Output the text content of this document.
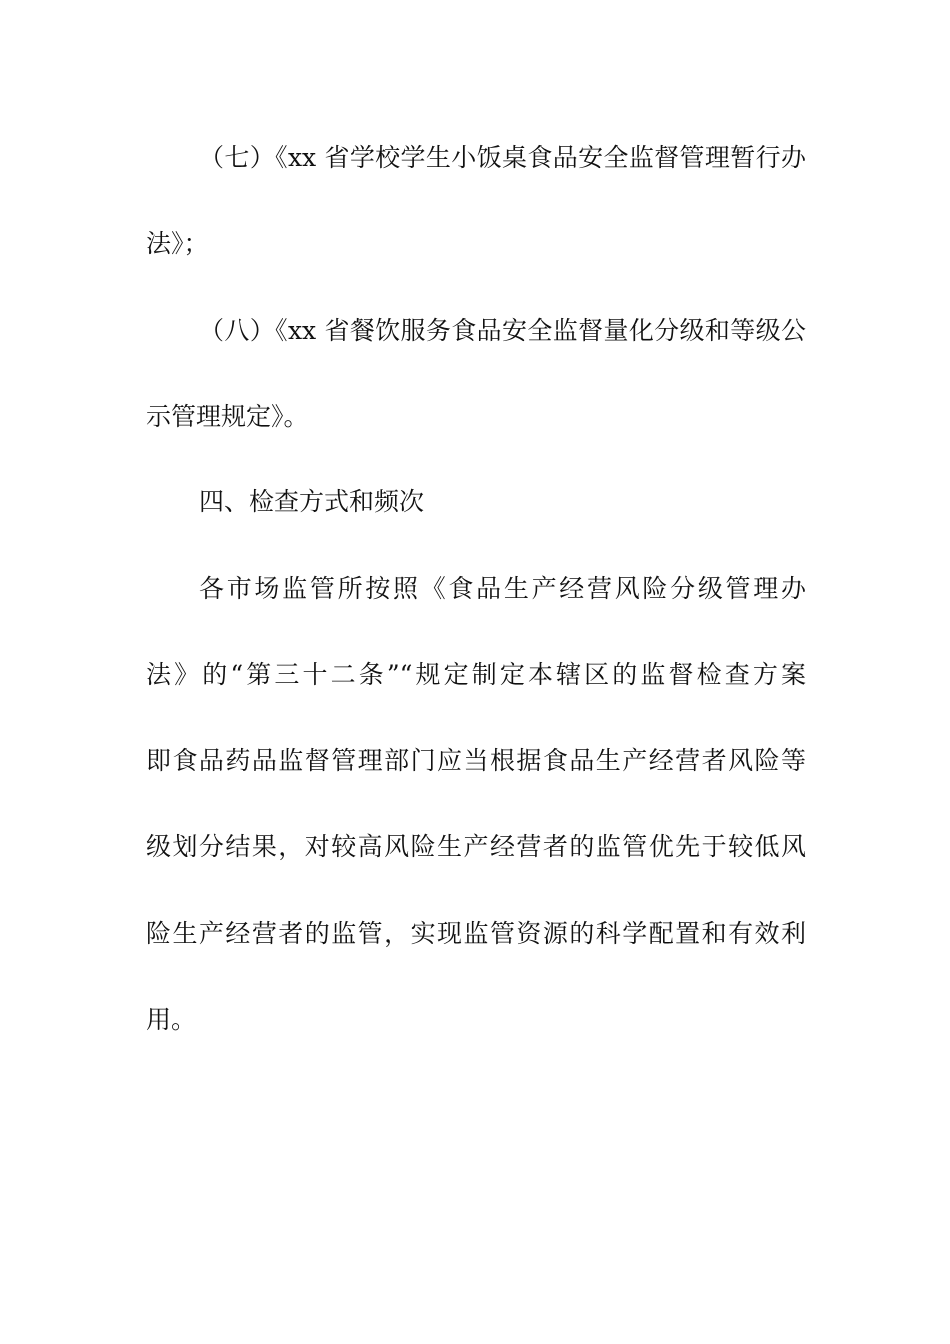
（七）《xx 省学校学生小饭桌食品安全监督管理暂行办
法》；
（八）《xx 省餐饮服务食品安全监督量化分级和等级公
示管理规定》。
四、检查方式和频次
各市场监管所按照《食品生产经营风险分级管理办
法》的“第三十二条”“规定制定本辖区的监督检查方案
即食品药品监督管理部门应当根据食品生产经营者风险等
级划分结果，对较高风险生产经营者的监管优先于较低风
险生产经营者的监管，实现监管资源的科学配置和有效利
用。
